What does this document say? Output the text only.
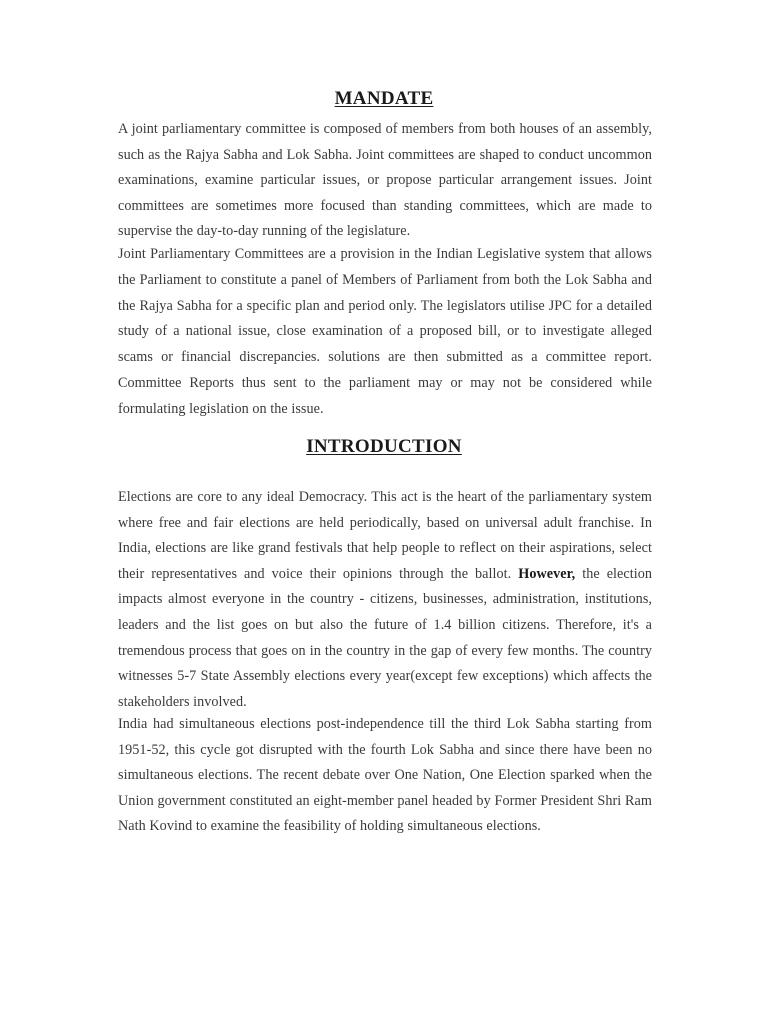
MANDATE

A joint parliamentary committee is composed of members from both houses of an assembly, such as the Rajya Sabha and Lok Sabha. Joint committees are shaped to conduct uncommon examinations, examine particular issues, or propose particular arrangement issues. Joint committees are sometimes more focused than standing committees, which are made to supervise the day-to-day running of the legislature.

Joint Parliamentary Committees are a provision in the Indian Legislative system that allows the Parliament to constitute a panel of Members of Parliament from both the Lok Sabha and the Rajya Sabha for a specific plan and period only. The legislators utilise JPC for a detailed study of a national issue, close examination of a proposed bill, or to investigate alleged scams or financial discrepancies. solutions are then submitted as a committee report. Committee Reports thus sent to the parliament may or may not be considered while formulating legislation on the issue.

INTRODUCTION

Elections are core to any ideal Democracy. This act is the heart of the parliamentary system where free and fair elections are held periodically, based on universal adult franchise. In India, elections are like grand festivals that help people to reflect on their aspirations, select their representatives and voice their opinions through the ballot. However, the election impacts almost everyone in the country - citizens, businesses, administration, institutions, leaders and the list goes on but also the future of 1.4 billion citizens. Therefore, it's a tremendous process that goes on in the country in the gap of every few months. The country witnesses 5-7 State Assembly elections every year(except few exceptions) which affects the stakeholders involved.

India had simultaneous elections post-independence till the third Lok Sabha starting from 1951-52, this cycle got disrupted with the fourth Lok Sabha and since there have been no simultaneous elections. The recent debate over One Nation, One Election sparked when the Union government constituted an eight-member panel headed by Former President Shri Ram Nath Kovind to examine the feasibility of holding simultaneous elections.
